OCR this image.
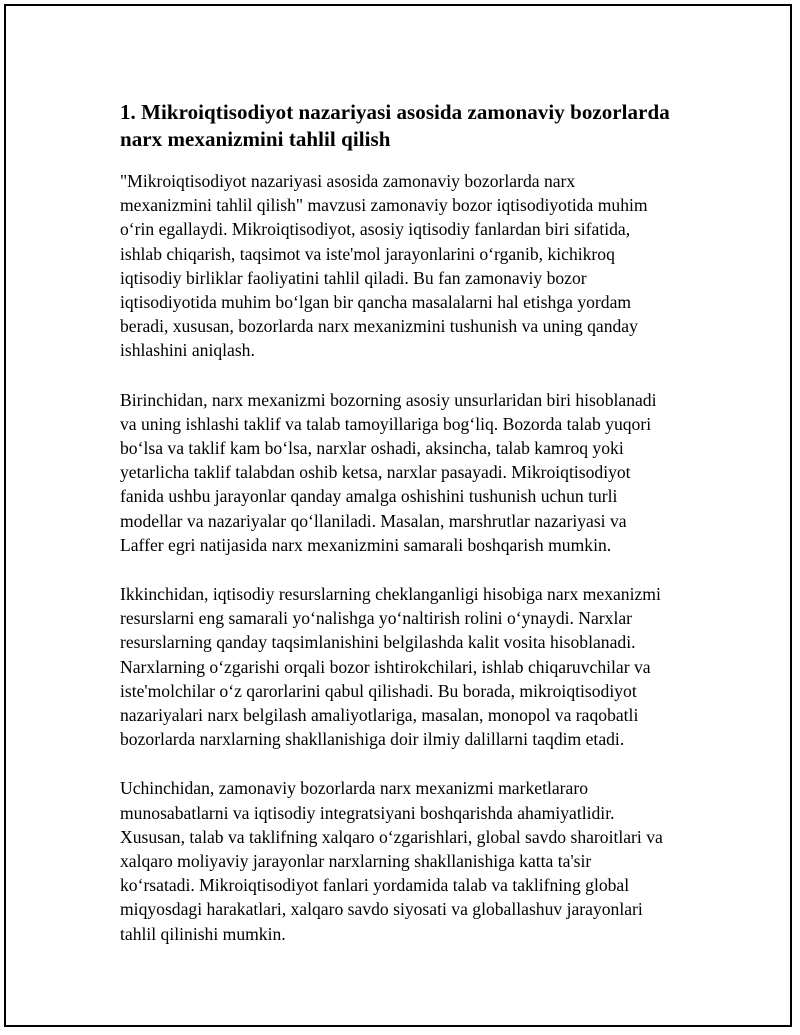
1. Mikroiqtisodiyot nazariyasi asosida zamonaviy bozorlarda
narx mexanizmini tahlil qilish

"Mikroiqtisodiyot nazariyasi asosida zamonaviy bozorlarda narx
mexanizmini tahlil qilish" mavzusi zamonaviy bozor iqtisodiyotida muhim
oʻrin egallaydi. Mikroiqtisodiyot, asosiy iqtisodiy fanlardan biri sifatida,
ishlab chiqarish, taqsimot va iste'mol jarayonlarini oʻrganib, kichikroq
iqtisodiy birliklar faoliyatini tahlil qiladi. Bu fan zamonaviy bozor
iqtisodiyotida muhim boʻlgan bir qancha masalalarni hal etishga yordam
beradi, xususan, bozorlarda narx mexanizmini tushunish va uning qanday
ishlashini aniqlash.

Birinchidan, narx mexanizmi bozorning asosiy unsurlaridan biri hisoblanadi
va uning ishlashi taklif va talab tamoyillariga bogʻliq. Bozorda talab yuqori
boʻlsa va taklif kam boʻlsa, narxlar oshadi, aksincha, talab kamroq yoki
yetarlicha taklif talabdan oshib ketsa, narxlar pasayadi. Mikroiqtisodiyot
fanida ushbu jarayonlar qanday amalga oshishini tushunish uchun turli
modellar va nazariyalar qoʻllaniladi. Masalan, marshrutlar nazariyasi va
Laffer egri natijasida narx mexanizmini samarali boshqarish mumkin.

Ikkinchidan, iqtisodiy resurslarning cheklanganligi hisobiga narx mexanizmi
resurslarni eng samarali yoʻnalishga yoʻnaltirish rolini oʻynaydi. Narxlar
resurslarning qanday taqsimlanishini belgilashda kalit vosita hisoblanadi.
Narxlarning oʻzgarishi orqali bozor ishtirokchilari, ishlab chiqaruvchilar va
iste'molchilar oʻz qarorlarini qabul qilishadi. Bu borada, mikroiqtisodiyot
nazariyalari narx belgilash amaliyotlariga, masalan, monopol va raqobatli
bozorlarda narxlarning shakllanishiga doir ilmiy dalillarni taqdim etadi.

Uchinchidan, zamonaviy bozorlarda narx mexanizmi marketlararo
munosabatlarni va iqtisodiy integratsiyani boshqarishda ahamiyatlidir.
Xususan, talab va taklifning xalqaro oʻzgarishlari, global savdo sharoitlari va
xalqaro moliyaviy jarayonlar narxlarning shakllanishiga katta ta'sir
koʻrsatadi. Mikroiqtisodiyot fanlari yordamida talab va taklifning global
miqyosdagi harakatlari, xalqaro savdo siyosati va globallashuv jarayonlari
tahlil qilinishi mumkin.
